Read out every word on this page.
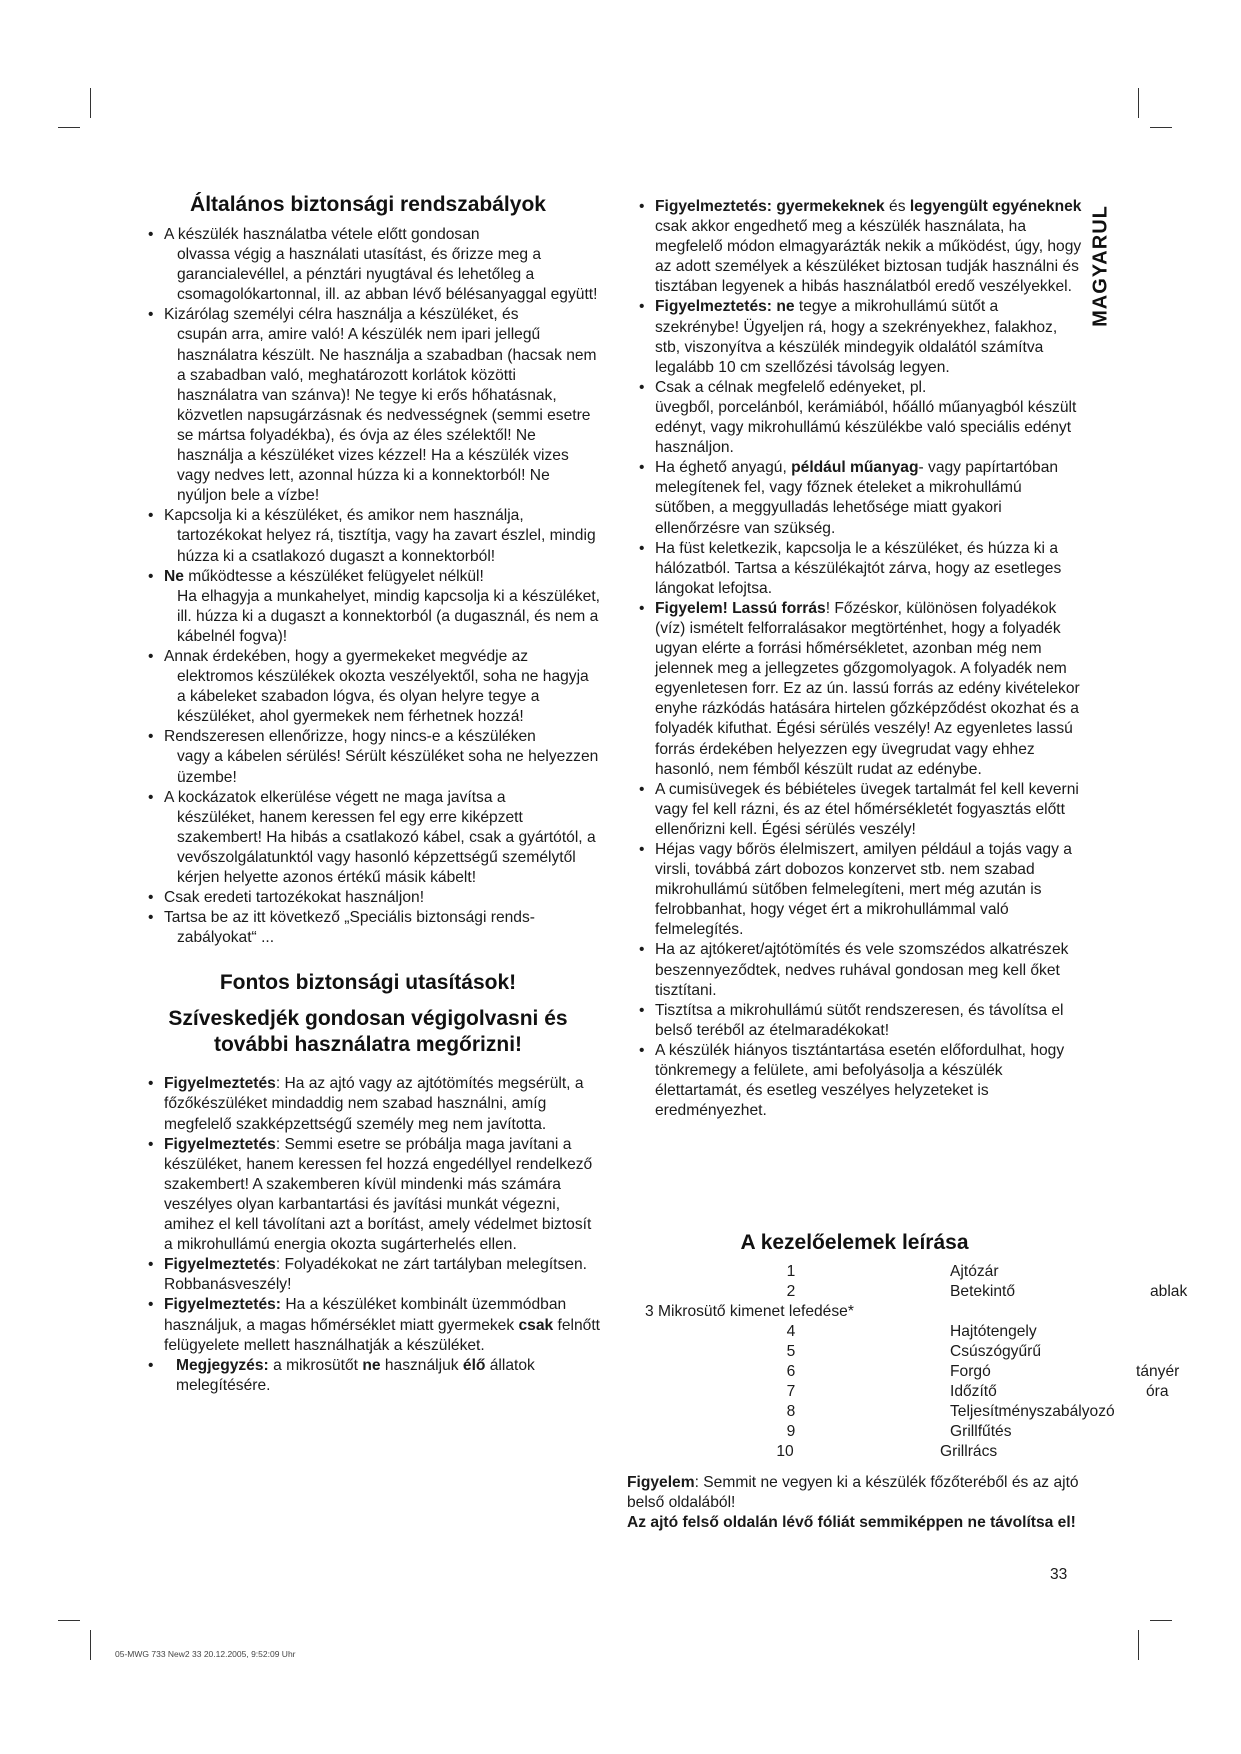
MAGYARUL
Általános biztonsági rendszabályok
• A készülék használatba vétele előtt gondosan
olvassa végig a használati utasítást, és őrizze meg a garancialevéllel, a pénztári nyugtával és lehetőleg a csomagolókartonnal, ill. az abban lévő bélésanyaggal együtt!
• Kizárólag személyi célra használja a készüléket, és
csupán arra, amire való! A készülék nem ipari jellegű használatra készült. Ne használja a szabadban (hacsak nem a szabadban való, meghatározott korlátok közötti használatra van szánva)! Ne tegye ki erős hőhatásnak, közvetlen napsugárzásnak és nedvességnek (semmi esetre se mártsa folyadékba), és óvja az éles szélektől! Ne használja a készüléket vizes kézzel! Ha a készülék vizes vagy nedves lett, azonnal húzza ki a konnektorból! Ne nyúljon bele a vízbe!
• Kapcsolja ki a készüléket, és amikor nem használja,
tartozékokat helyez rá, tisztítja, vagy ha zavart észlel, mindig húzza ki a csatlakozó dugaszt a konnektorból!
• Ne működtesse a készüléket felügyelet nélkül!
Ha elhagyja a munkahelyet, mindig kapcsolja ki a készüléket, ill. húzza ki a dugaszt a konnektorból (a dugasznál, és nem a kábelnél fogva)!
• Annak érdekében, hogy a gyermekeket megvédje az
elektromos készülékek okozta veszélyektől, soha ne hagyja a kábeleket szabadon lógva, és olyan helyre tegye a készüléket, ahol gyermekek nem férhetnek hozzá!
• Rendszeresen ellenőrizze, hogy nincs-e a készüléken
vagy a kábelen sérülés! Sérült készüléket soha ne helyezzen üzembe!
• A kockázatok elkerülése végett ne maga javítsa a
készüléket, hanem keressen fel egy erre kiképzett szakembert! Ha hibás a csatlakozó kábel, csak a gyártótól, a vevőszolgálatunktól vagy hasonló képzettségű személytől kérjen helyette azonos értékű másik kábelt!
• Csak eredeti tartozékokat használjon!
• Tartsa be az itt következő „Speciális biztonsági rends-
zabályokat“ ...
Fontos biztonsági utasítások!
Szíveskedjék gondosan végigolvasni és további használatra megőrizni!
• Figyelmeztetés: Ha az ajtó vagy az ajtótömítés megsérült, a főzőkészüléket mindaddig nem szabad használni, amíg megfelelő szakképzettségű személy meg nem javította.
• Figyelmeztetés: Semmi esetre se próbálja maga javítani a készüléket, hanem keressen fel hozzá engedéllyel rendelkező szakembert! A szakemberen kívül mindenki más számára veszélyes olyan karbantartási és javítási munkát végezni, amihez el kell távolítani azt a borítást, amely védelmet biztosít a mikrohullámú energia okozta sugárterhelés ellen.
• Figyelmeztetés: Folyadékokat ne zárt tartályban melegítsen. Robbanásveszély!
• Figyelmeztetés: Ha a készüléket kombinált üzemmódban használjuk, a magas hőmérséklet miatt gyermekek csak felnőtt felügyelete mellett használhatják a készüléket.
• Megjegyzés: a mikrosütőt ne használjuk élő állatok melegítésére.
• Figyelmeztetés: gyermekeknek és legyengült egyéneknek csak akkor engedhető meg a készülék használata, ha megfelelő módon elmagyarázták nekik a működést, úgy, hogy az adott személyek a készüléket biztosan tudják használni és tisztában legyenek a hibás használatból eredő veszélyekkel.
• Figyelmeztetés: ne tegye a mikrohullámú sütőt a szekrénybe! Ügyeljen rá, hogy a szekrényekhez, falakhoz, stb, viszonyítva a készülék mindegyik oldalától számítva legalább 10 cm szellőzési távolság legyen.
• Csak a célnak megfelelő edényeket, pl.
üvegből, porcelánból, kerámiából, hőálló műanyagból készült edényt, vagy mikrohullámú készülékbe való speciális edényt használjon.
• Ha éghető anyagú, például műanyag- vagy papírtartóban melegítenek fel, vagy főznek ételeket a mikrohullámú sütőben, a meggyulladás lehetősége miatt gyakori ellenőrzésre van szükség.
• Ha füst keletkezik, kapcsolja le a készüléket, és húzza ki a hálózatból. Tartsa a készülékajtót zárva, hogy az esetleges lángokat lefojtsa.
• Figyelem! Lassú forrás! Főzéskor, különösen folyadékok (víz) ismételt felforralásakor megtörténhet, hogy a folyadék ugyan elérte a forrási hőmérsékletet, azonban még nem jelennek meg a jellegzetes gőzgomolyagok. A folyadék nem egyenletesen forr. Ez az ún. lassú forrás az edény kivételekor enyhe rázkódás hatására hirtelen gőzképződést okozhat és a folyadék kifuthat. Égési sérülés veszély! Az egyenletes lassú forrás érdekében helyezzen egy üvegrudat vagy ehhez hasonló, nem fémből készült rudat az edénybe.
• A cumisüvegek és bébiételes üvegek tartalmát fel kell keverni vagy fel kell rázni, és az étel hőmérsékletét fogyasztás előtt ellenőrizni kell. Égési sérülés veszély!
• Héjas vagy bőrös élelmiszert, amilyen például a tojás vagy a virsli, továbbá zárt dobozos konzervet stb. nem szabad mikrohullámú sütőben felmelegíteni, mert még azután is felrobbanhat, hogy véget ért a mikrohullámmal való felmelegítés.
• Ha az ajtókeret/ajtótömítés és vele szomszédos alkatrészek beszennyeződtek, nedves ruhával gondosan meg kell őket tisztítani.
• Tisztítsa a mikrohullámú sütőt rendszeresen, és távolítsa el belső teréből az ételmaradékokat!
• A készülék hiányos tisztántartása esetén előfordulhat, hogy tönkremegy a felülete, ami befolyásolja a készülék élettartamát, és esetleg veszélyes helyzeteket is eredményezhet.
A kezelőelemek leírása
1	Ajtózár
2	Betekintő	ablak
3 Mikrosütő kimenet lefedése*
4	Hajtótengely
5	Csúszógyűrű
6	Forgó	tányér
7	Időzítő	óra
8	Teljesítményszabályozó
9	Grillfűtés
10	Grillrács
Figyelem: Semmit ne vegyen ki a készülék főzőteréből és az ajtó belső oldalából!
Az ajtó felső oldalán lévő fóliát semmiképpen ne távolítsa el!
33
05-MWG 733 New2 33 20.12.2005, 9:52:09 Uhr
